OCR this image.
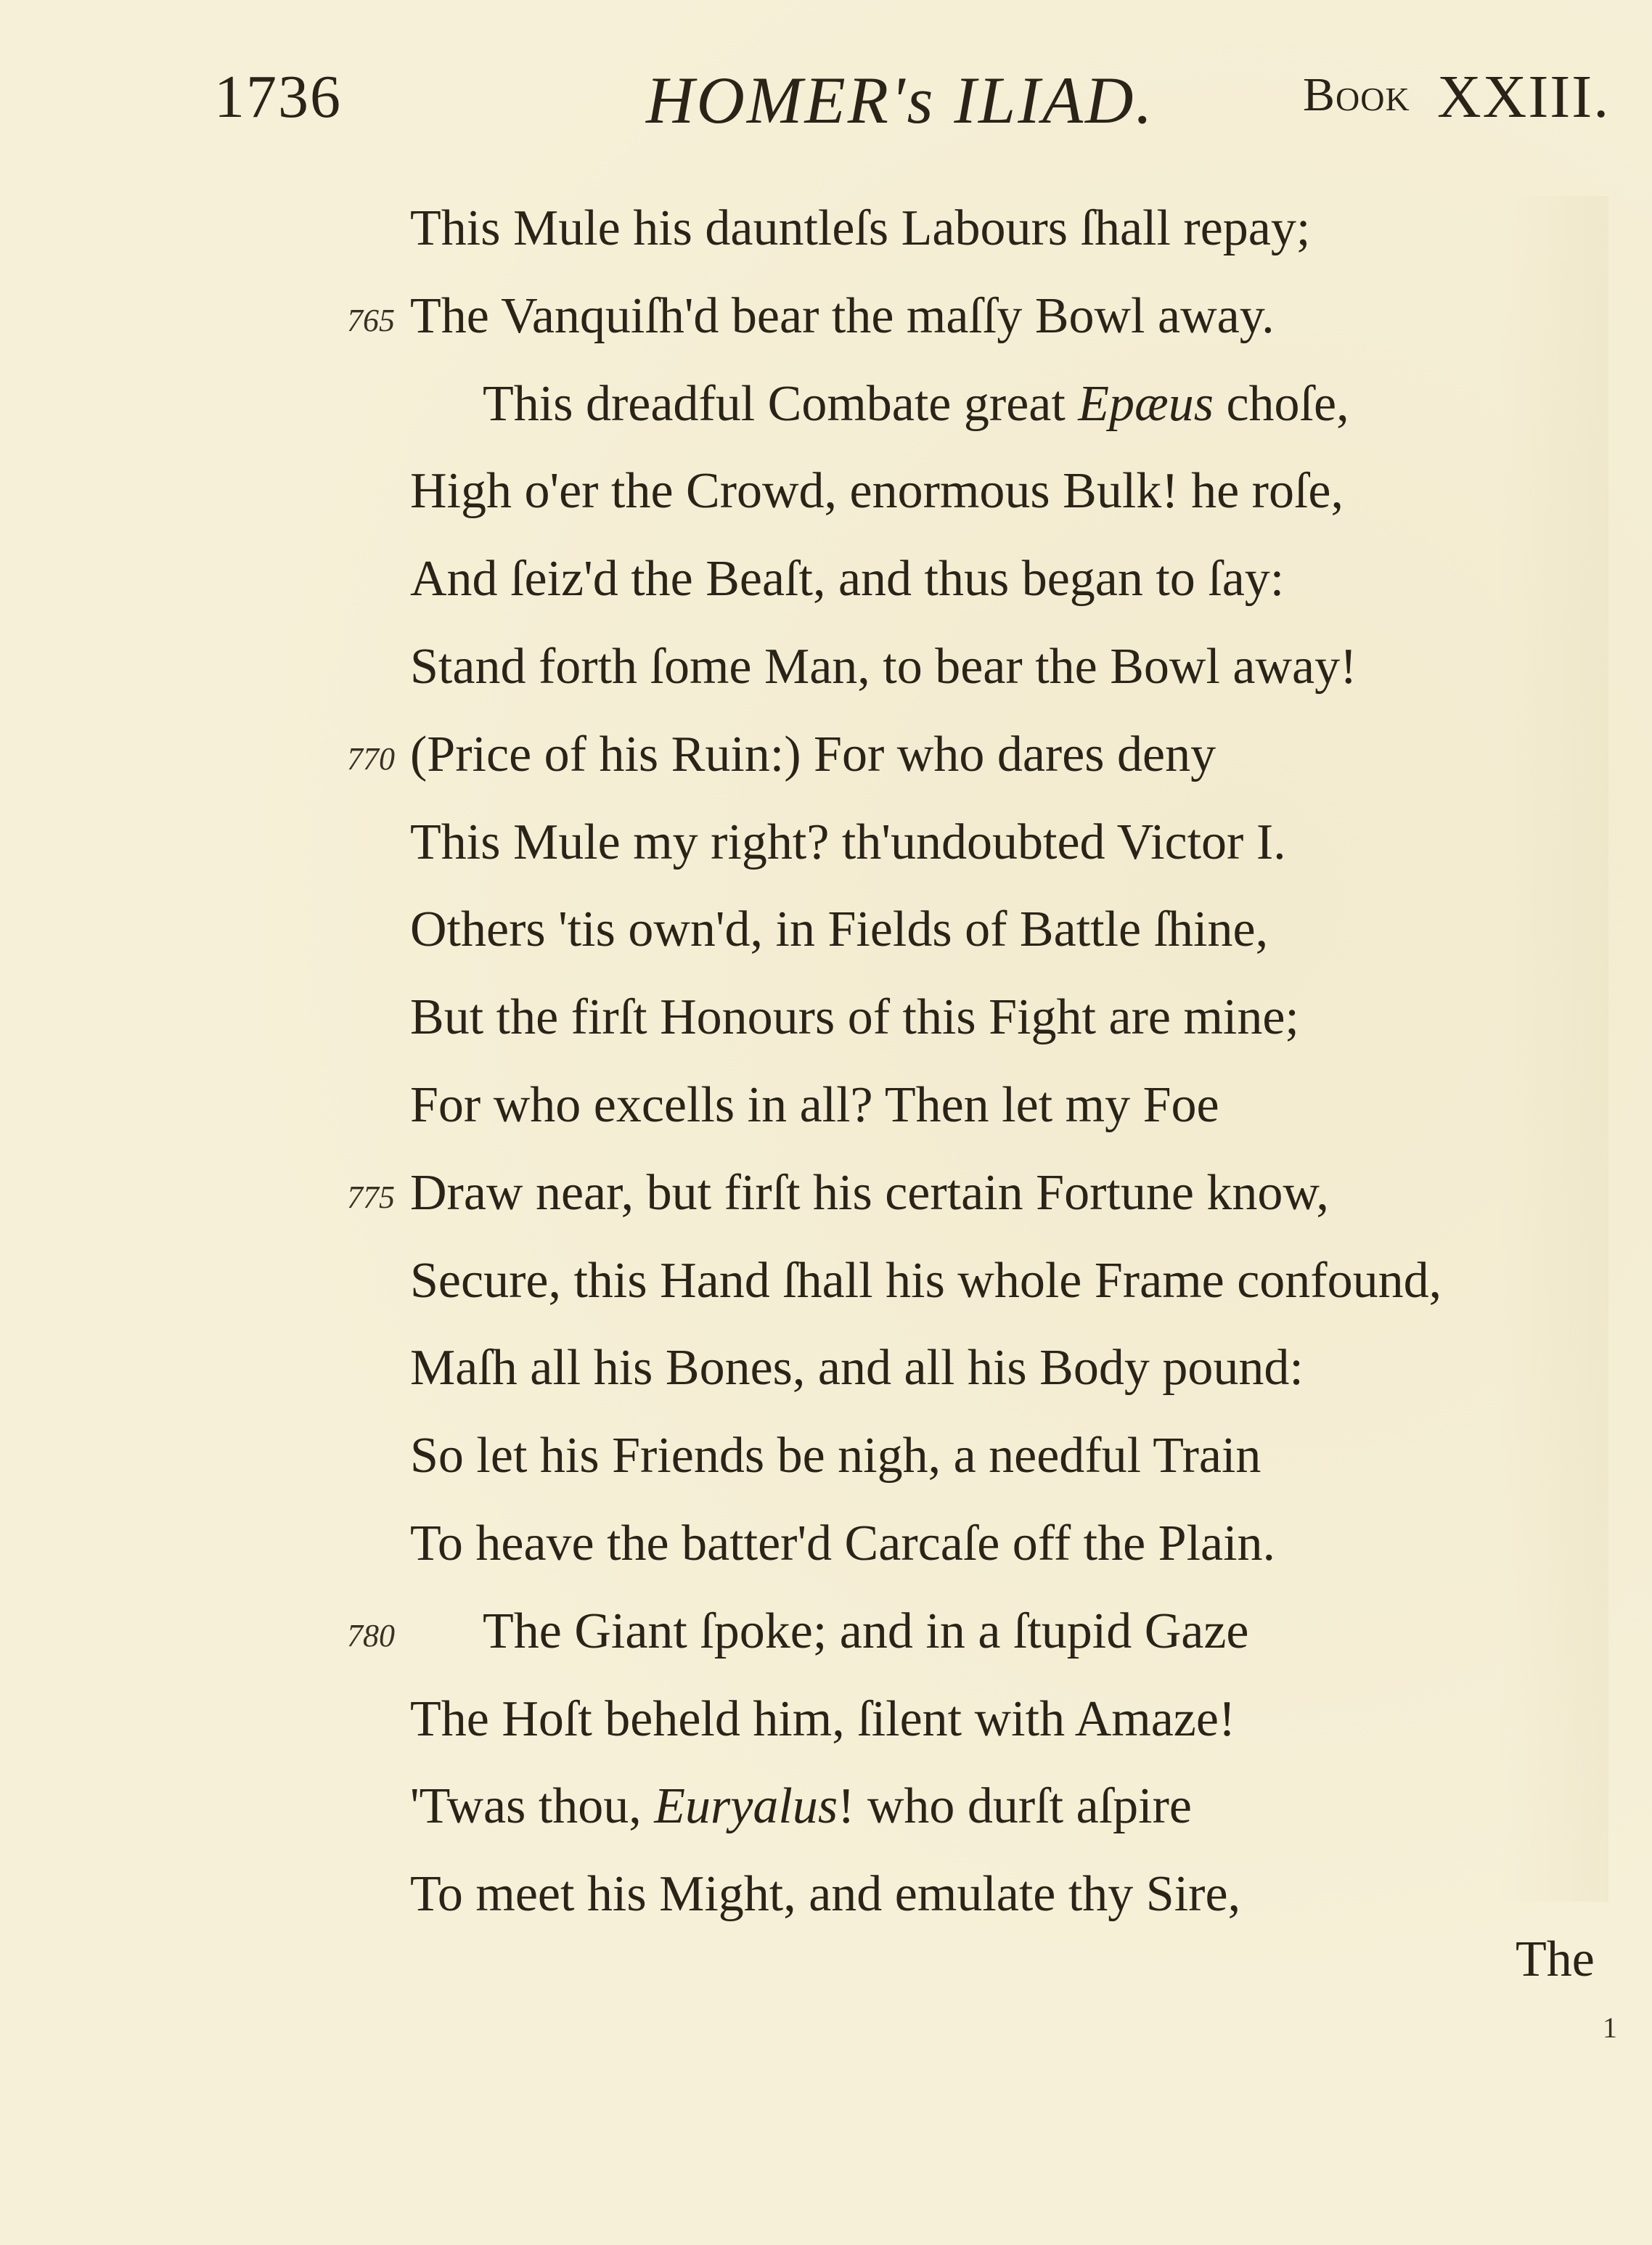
1736	HOMER's ILIAD.	Book XXIII.
This Mule his dauntleſs Labours ſhall repay;
765 The Vanquiſh'd bear the maſſy Bowl away.
This dreadful Combate great Epæus choſe,
High o'er the Crowd, enormous Bulk! he roſe,
And ſeiz'd the Beaſt, and thus began to ſay:
Stand forth ſome Man, to bear the Bowl away!
770 (Price of his Ruin:) For who dares deny
This Mule my right? th'undoubted Victor I.
Others 'tis own'd, in Fields of Battle ſhine,
But the firſt Honours of this Fight are mine;
For who excells in all? Then let my Foe
775 Draw near, but firſt his certain Fortune know,
Secure, this Hand ſhall his whole Frame confound,
Maſh all his Bones, and all his Body pound:
So let his Friends be nigh, a needful Train
To heave the batter'd Carcaſe off the Plain.
780 The Giant ſpoke; and in a ſtupid Gaze
The Hoſt beheld him, ſilent with Amaze!
'Twas thou, Euryalus! who durſt aſpire
To meet his Might, and emulate thy Sire,
The
1
